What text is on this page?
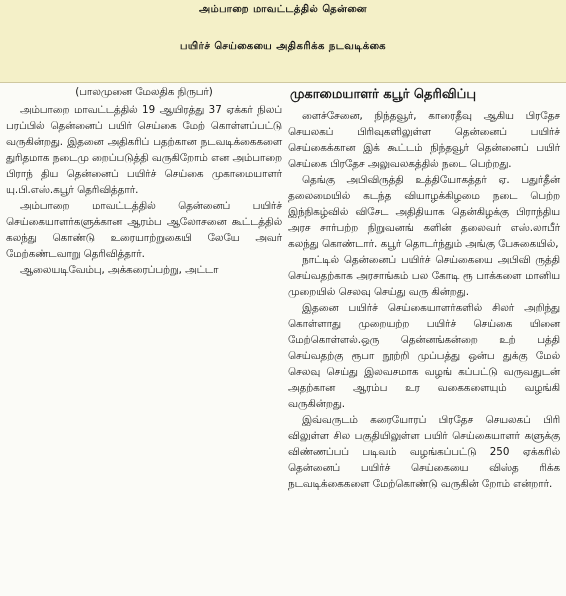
அம்பாறை மாவட்டத்தில் தென்னை
பயிர்ச் செய்கையை அதிகரிக்க நடவடிக்கை
(பாலமுனை மேலதிக நிருபர்)

அம்பாறை மாவட்டத்தில் 19 ஆயிரத்து 37 ஏக்கர் நிலப் பரப்பில் தென்னைப் பயிர் செய்கை மேற் கொள்ளப்பட்டு வருகின்றது. இதனை அதிகரிப் பதற்கான நடவடிக்கைகளை துரிதமாக நடைமு றைப்படுத்தி வருகிறோம் என அம்பாறை பிராந் திய தென்னைப் பயிர்ச் செய்கை முகாமையாளர் யு.பி.எஸ்.கபூர் தெரிவித்தார்.

அம்பாறை மாவட்டத்தில் தென்னைப் பயிர்ச் செய்கையாளர்களுக்கான ஆரம்ப ஆலோசனை கூட்டத்தில் கலந்து கொண்டு உரையாற்றுகையி லேயே அவர் மேற்கண்டவாறு தெரிவித்தார்.

ஆலையடிவேம்பு, அக்கரைப்பற்று, அட்டா

முகாமையாளர் கபூர் தெரிவிப்பு

ளைச்சேனை, நிந்தவூர், காரைதீவு ஆகிய பிரதேச செயலகப் பிரிவுகளிலுள்ள தென்னைப் பயிர்ச் செய்கைக்கான இக் கூட்டம் நிந்தவூர் தென்னைப் பயிர் செய்கை பிரதேச அலுவலகத்தில் நடை பெற்றது.

தெங்கு அபிவிருத்தி உத்தியோகத்தர் ஏ. பதுர்தீன் தலைமையில் கடந்த வியாழக்கிழமை நடை பெற்ற இந்நிகழ்வில் விசேட அதிதியாக தென்கிழக்கு பிராந்திய அரச சார்பற்ற நிறுவனங் களின் தலைவர் எஸ்.லாபீர் கலந்து கொண்டார். கபூர் தொடர்ந்தும் அங்கு பேசுகையில்,

நாட்டில் தென்னைப் பயிர்ச் செய்கையை அபிவி ருத்தி செய்வதற்காக அரசாங்கம் பல கோடி ரூ பாக்களை மானிய முறையில் செலவு செய்து வரு கின்றது.

இதனை பயிர்ச் செய்கையாளர்களில் சிலர் அறிந்து கொள்ளாது முறையற்ற பயிர்ச் செய்கை யினை மேற்கொள்ளல்.ஒரு தென்னங்கன்றை உற் பத்தி செய்வதற்கு ரூபா நூற்றி முப்பத்து ஒன்ப துக்கு மேல் செலவு செய்து இலவசமாக வழங் கப்பட்டு வருவதுடன் அதற்கான ஆரம்ப உர வகைகளையும் வழங்கி வருகின்றது.

இவ்வருடம் கரையோரப் பிரதேச செயலகப் பிரி விலுள்ள சில பகுதியிலுள்ள பயிர் செய்கையாளர் களுக்கு விண்ணப்பப் படிவம் வழங்கப்பட்டு 250 ஏக்கரில் தென்னைப் பயிர்ச் செய்கையை விஸ்த ரிக்க நடவடிக்கைகளை மேற்கொண்டு வருகின் றோம் என்றார்.
